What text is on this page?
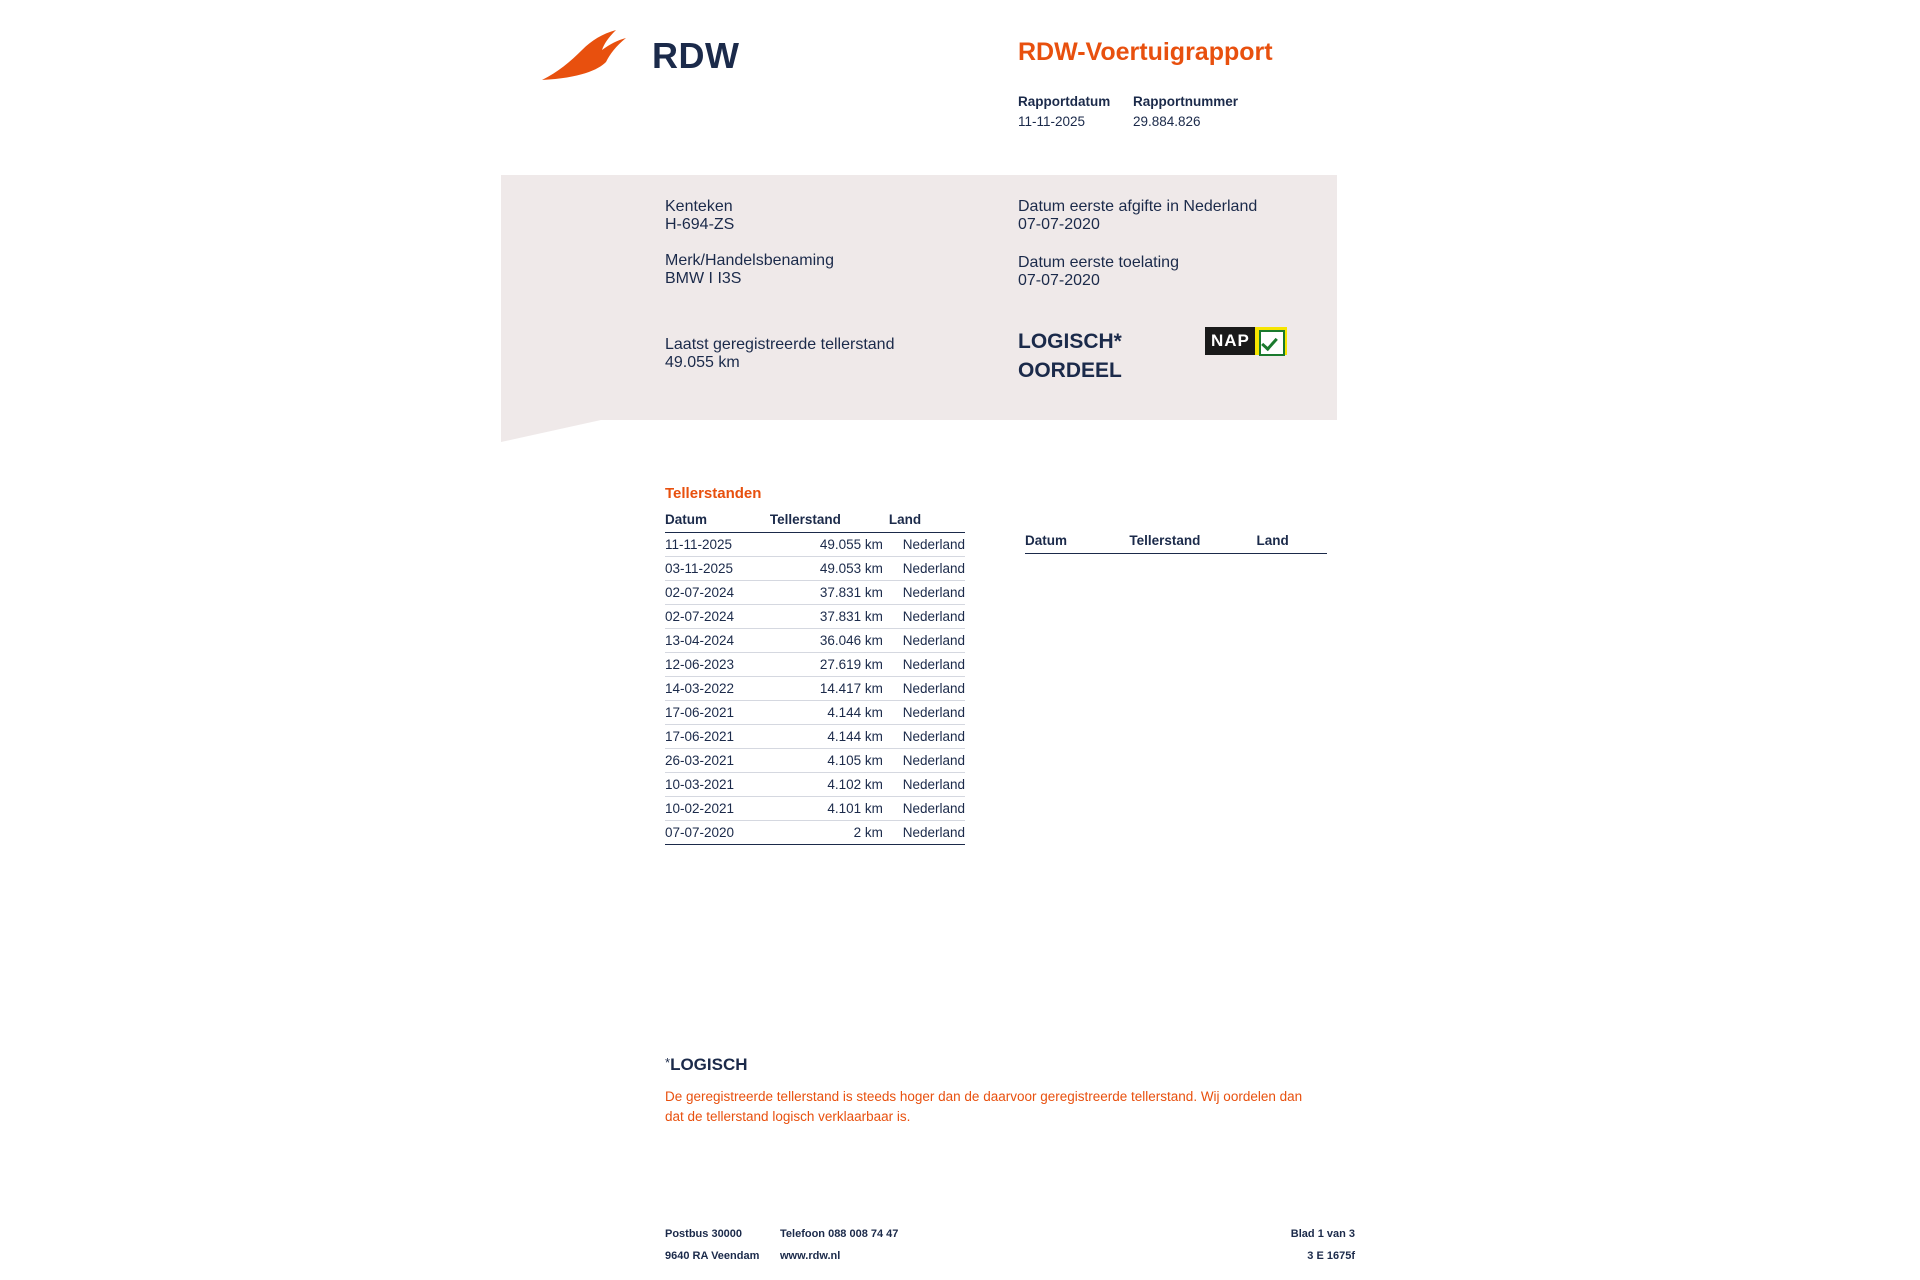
RDW	RDW-Voertuigrapport
Rapportdatum
11-11-2025
Rapportnummer
29.884.826
Kenteken
H-694-ZS
Merk/Handelsbenaming
BMW I I3S
Laatst geregistreerde tellerstand
49.055 km
Datum eerste afgifte in Nederland
07-07-2020
Datum eerste toelating
07-07-2020
LOGISCH*
OORDEEL
NAP
Tellerstanden
Datum	Tellerstand	Land
11-11-2025	49.055 km	Nederland
03-11-2025	49.053 km	Nederland
02-07-2024	37.831 km	Nederland
02-07-2024	37.831 km	Nederland
13-04-2024	36.046 km	Nederland
12-06-2023	27.619 km	Nederland
14-03-2022	14.417 km	Nederland
17-06-2021	4.144 km	Nederland
17-06-2021	4.144 km	Nederland
26-03-2021	4.105 km	Nederland
10-03-2021	4.102 km	Nederland
10-02-2021	4.101 km	Nederland
07-07-2020	2 km	Nederland
Datum	Tellerstand	Land
*LOGISCH
De geregistreerde tellerstand is steeds hoger dan de daarvoor geregistreerde tellerstand. Wij oordelen dan
dat de tellerstand logisch verklaarbaar is.
Postbus 30000	Telefoon 088 008 74 47	Blad 1 van 3
9640 RA Veendam	www.rdw.nl	3 E 1675f
